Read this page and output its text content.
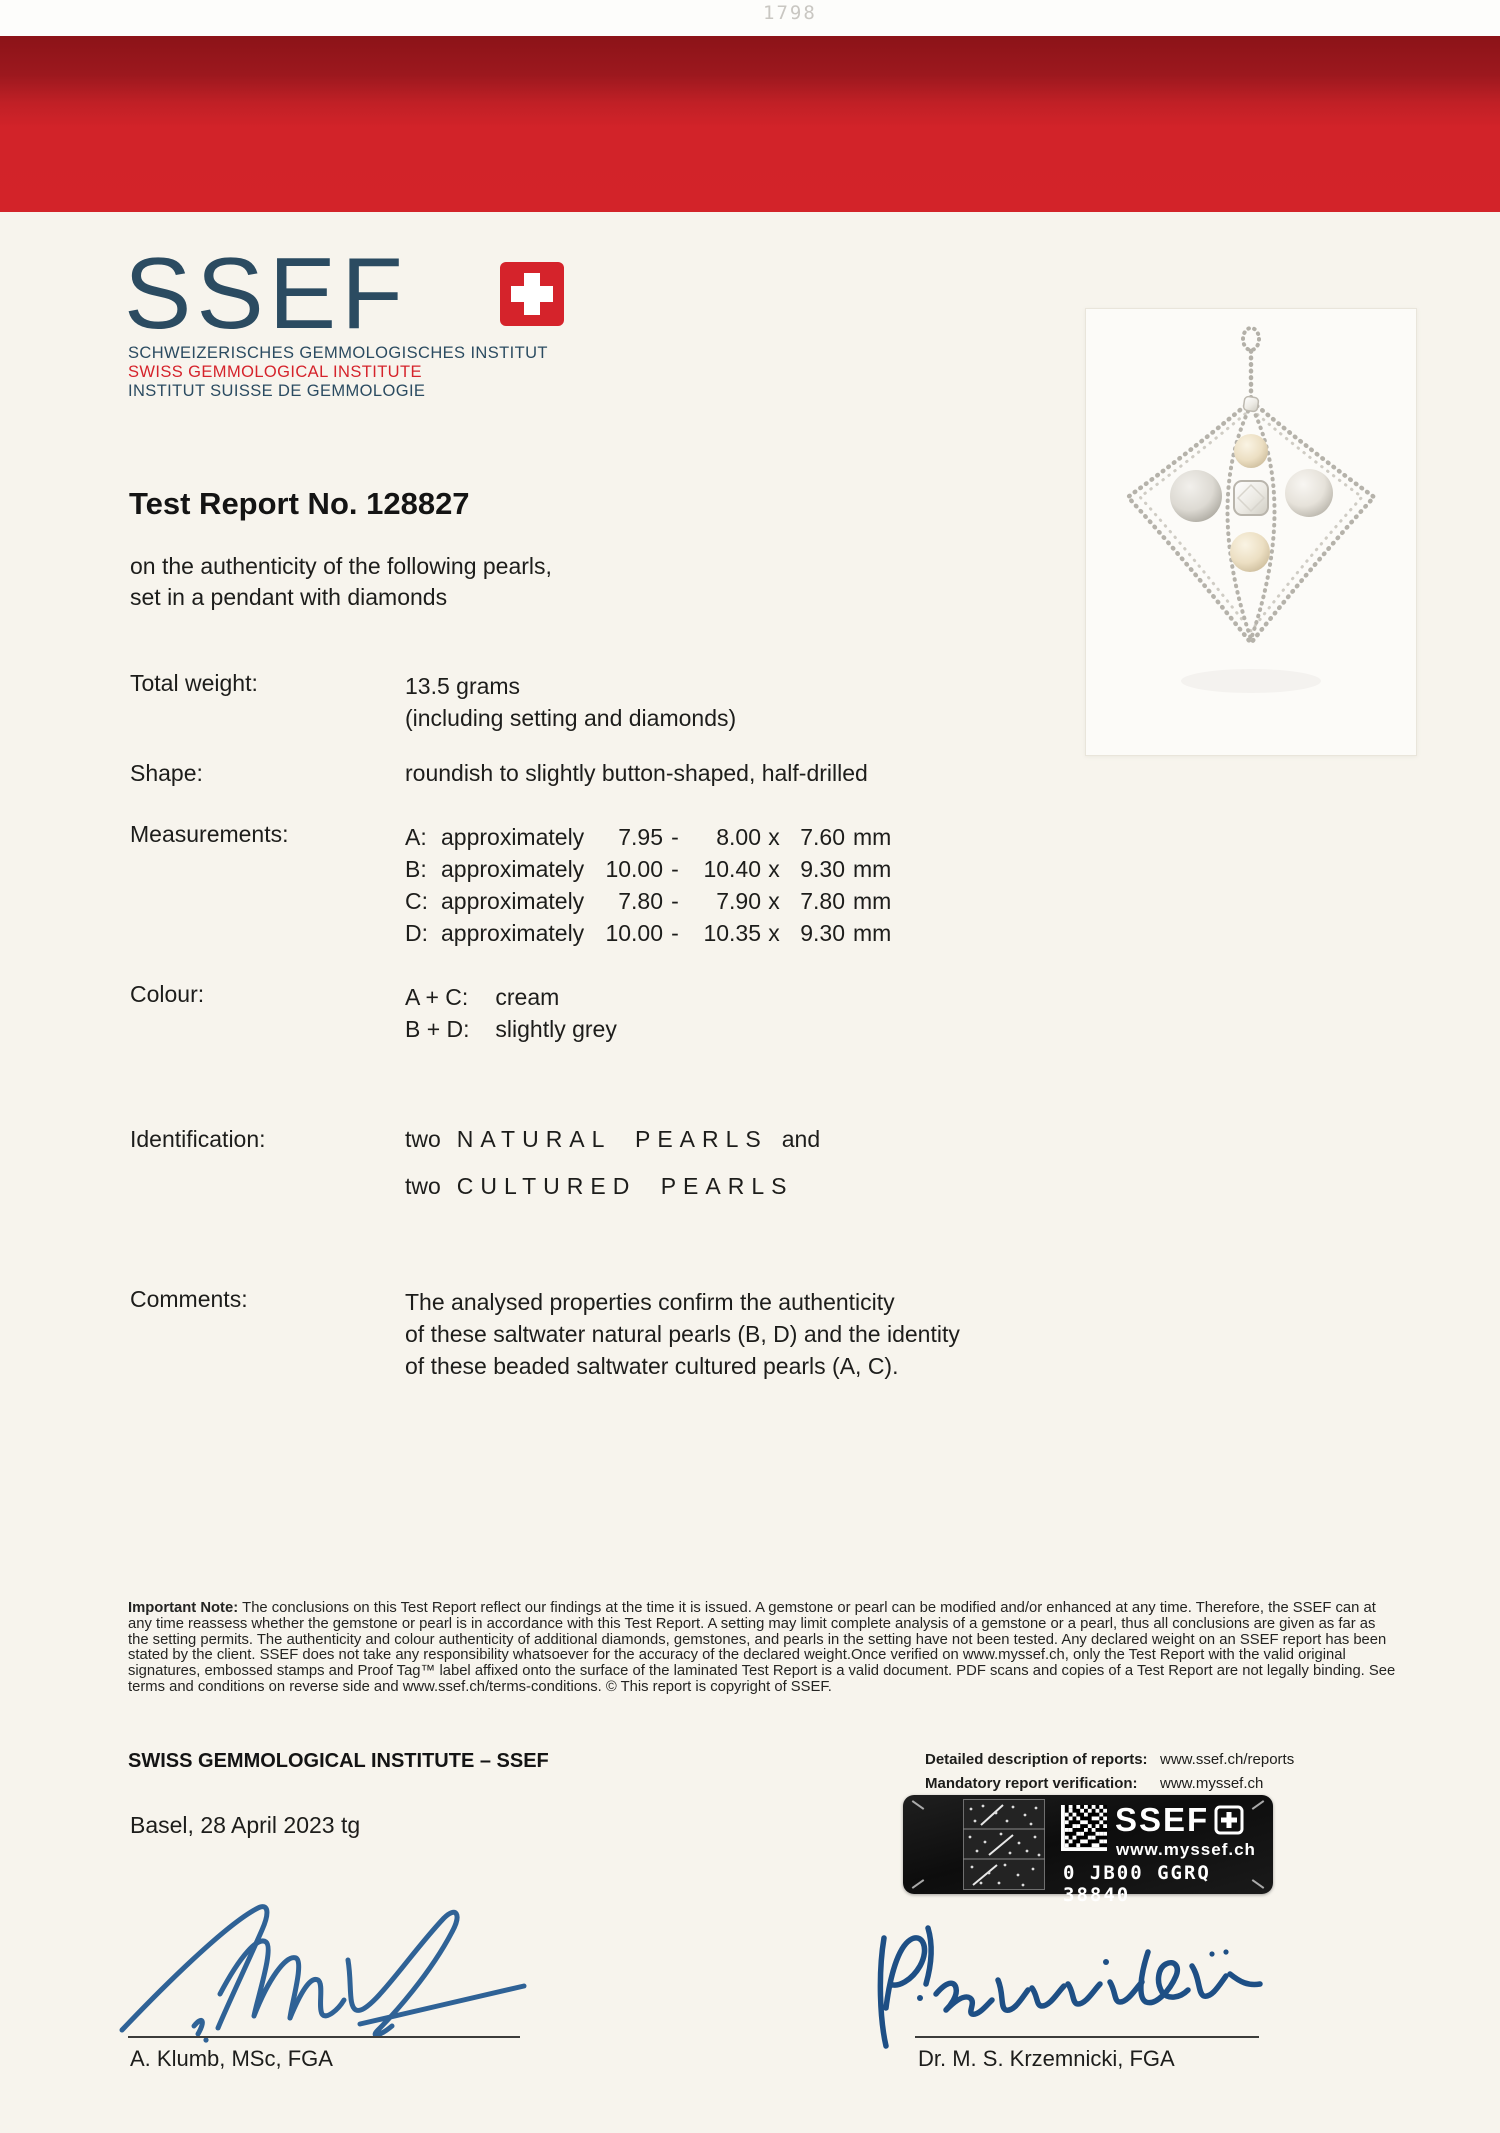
1798
SSEF
SCHWEIZERISCHES GEMMOLOGISCHES INSTITUT
SWISS GEMMOLOGICAL INSTITUTE
INSTITUT SUISSE DE GEMMOLOGIE
Test Report No. 128827
on the authenticity of the following pearls,
set in a pendant with diamonds
Total weight:	13.5 grams
(including setting and diamonds)
Shape:	roundish to slightly button-shaped, half-drilled
Measurements:	A: approximately	7.95 -	8.00 x 7.60 mm
B: approximately 10.00 -	10.40 x 9.30 mm
C: approximately	7.80 -	7.90 x 7.80 mm
D: approximately 10.00 -	10.35 x 9.30 mm
Colour:	A + C: cream
B + D: slightly grey
Identification:	two NATURAL PEARLS and
two CULTURED PEARLS
Comments:	The analysed properties confirm the authenticity
of these saltwater natural pearls (B, D) and the identity
of these beaded saltwater cultured pearls (A, C).

Important Note: The conclusions on this Test Report reflect our findings at the time it is issued. A gemstone or pearl can be modified and/or enhanced at any time. Therefore, the SSEF can at any time reassess whether the gemstone or pearl is in accordance with this Test Report. A setting may limit complete analysis of a gemstone or a pearl, thus all conclusions are given as far as the setting permits. The authenticity and colour authenticity of additional diamonds, gemstones, and pearls in the setting have not been tested. Any declared weight on an SSEF report has been stated by the client. SSEF does not take any responsibility whatsoever for the accuracy of the declared weight.Once verified on www.myssef.ch, only the Test Report with the valid original signatures, embossed stamps and Proof Tag™ label affixed onto the surface of the laminated Test Report is a valid document. PDF scans and copies of a Test Report are not legally binding. See terms and conditions on reverse side and www.ssef.ch/terms-conditions. © This report is copyright of SSEF.

SWISS GEMMOLOGICAL INSTITUTE – SSEF	Detailed description of reports: www.ssef.ch/reports
Mandatory report verification:	www.myssef.ch
Basel, 28 April 2023 tg	SSEF
www.myssef.ch
0 JB00 GGRQ 38840
A. Klumb, MSc, FGA	Dr. M. S. Krzemnicki, FGA
